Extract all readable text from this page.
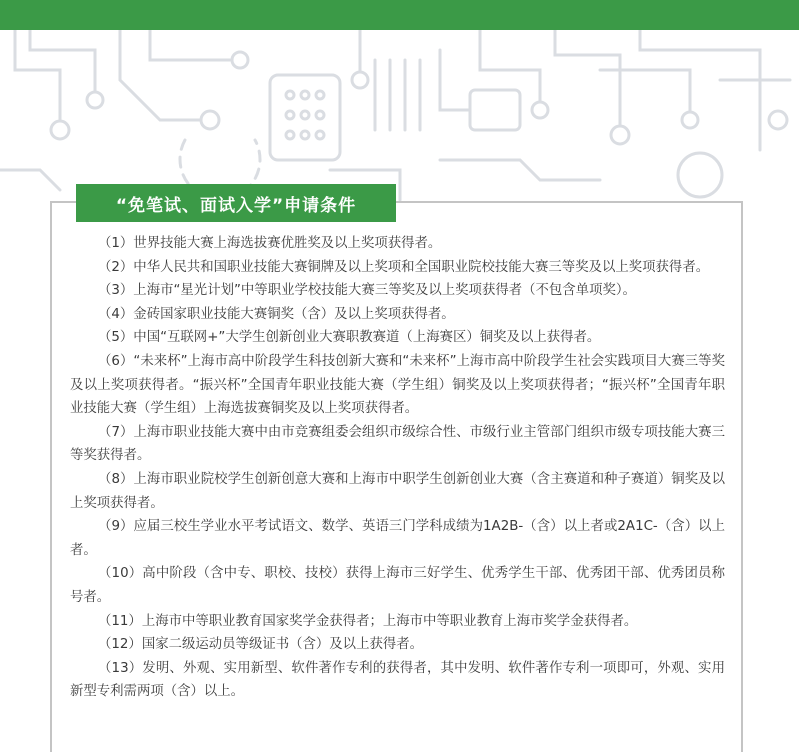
“免笔试、面试入学”申请条件

（1）世界技能大赛上海选拔赛优胜奖及以上奖项获得者。

（2）中华人民共和国职业技能大赛铜牌及以上奖项和全国职业院校技能大赛三等奖及以上奖项获得者。

（3）上海市“星光计划”中等职业学校技能大赛三等奖及以上奖项获得者（不包含单项奖）。

（4）金砖国家职业技能大赛铜奖（含）及以上奖项获得者。

（5）中国“互联网+”大学生创新创业大赛职教赛道（上海赛区）铜奖及以上获得者。

（6）“未来杯”上海市高中阶段学生科技创新大赛和“未来杯”上海市高中阶段学生社会实践项目大赛三等奖及以上奖项获得者。“振兴杯”全国青年职业技能大赛（学生组）铜奖及以上奖项获得者；“振兴杯”全国青年职业技能大赛（学生组）上海选拔赛铜奖及以上奖项获得者。

（7）上海市职业技能大赛中由市竞赛组委会组织市级综合性、市级行业主管部门组织市级专项技能大赛三等奖获得者。

（8）上海市职业院校学生创新创意大赛和上海市中职学生创新创业大赛（含主赛道和种子赛道）铜奖及以上奖项获得者。

（9）应届三校生学业水平考试语文、数学、英语三门学科成绩为1A2B-（含）以上者或2A1C-（含）以上者。

（10）高中阶段（含中专、职校、技校）获得上海市三好学生、优秀学生干部、优秀团干部、优秀团员称号者。

（11）上海市中等职业教育国家奖学金获得者；上海市中等职业教育上海市奖学金获得者。

（12）国家二级运动员等级证书（含）及以上获得者。

（13）发明、外观、实用新型、软件著作专利的获得者，其中发明、软件著作专利一项即可，外观、实用新型专利需两项（含）以上。
